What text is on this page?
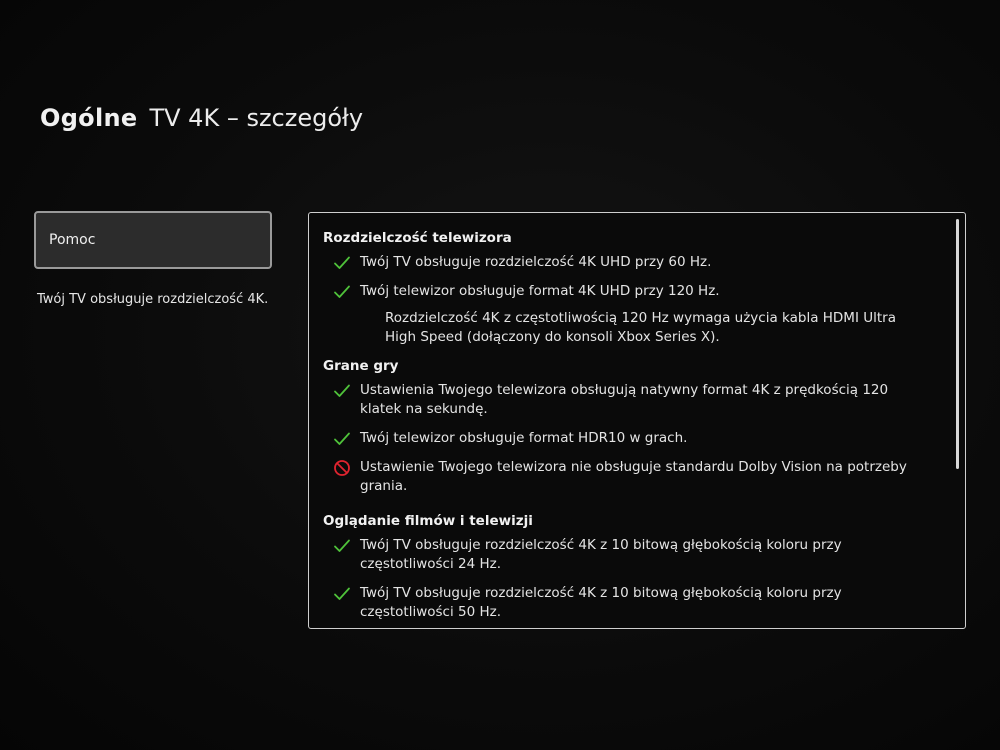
Ogólne TV 4K – szczegóły
Pomoc
Twój TV obsługuje rozdzielczość 4K.
Rozdzielczość telewizora
Twój TV obsługuje rozdzielczość 4K UHD przy 60 Hz.
Twój telewizor obsługuje format 4K UHD przy 120 Hz.
Rozdzielczość 4K z częstotliwością 120 Hz wymaga użycia kabla HDMI Ultra High Speed (dołączony do konsoli Xbox Series X).
Grane gry
Ustawienia Twojego telewizora obsługują natywny format 4K z prędkością 120 klatek na sekundę.
Twój telewizor obsługuje format HDR10 w grach.
Ustawienie Twojego telewizora nie obsługuje standardu Dolby Vision na potrzeby grania.
Oglądanie filmów i telewizji
Twój TV obsługuje rozdzielczość 4K z 10 bitową głębokością koloru przy częstotliwości 24 Hz.
Twój TV obsługuje rozdzielczość 4K z 10 bitową głębokością koloru przy częstotliwości 50 Hz.
